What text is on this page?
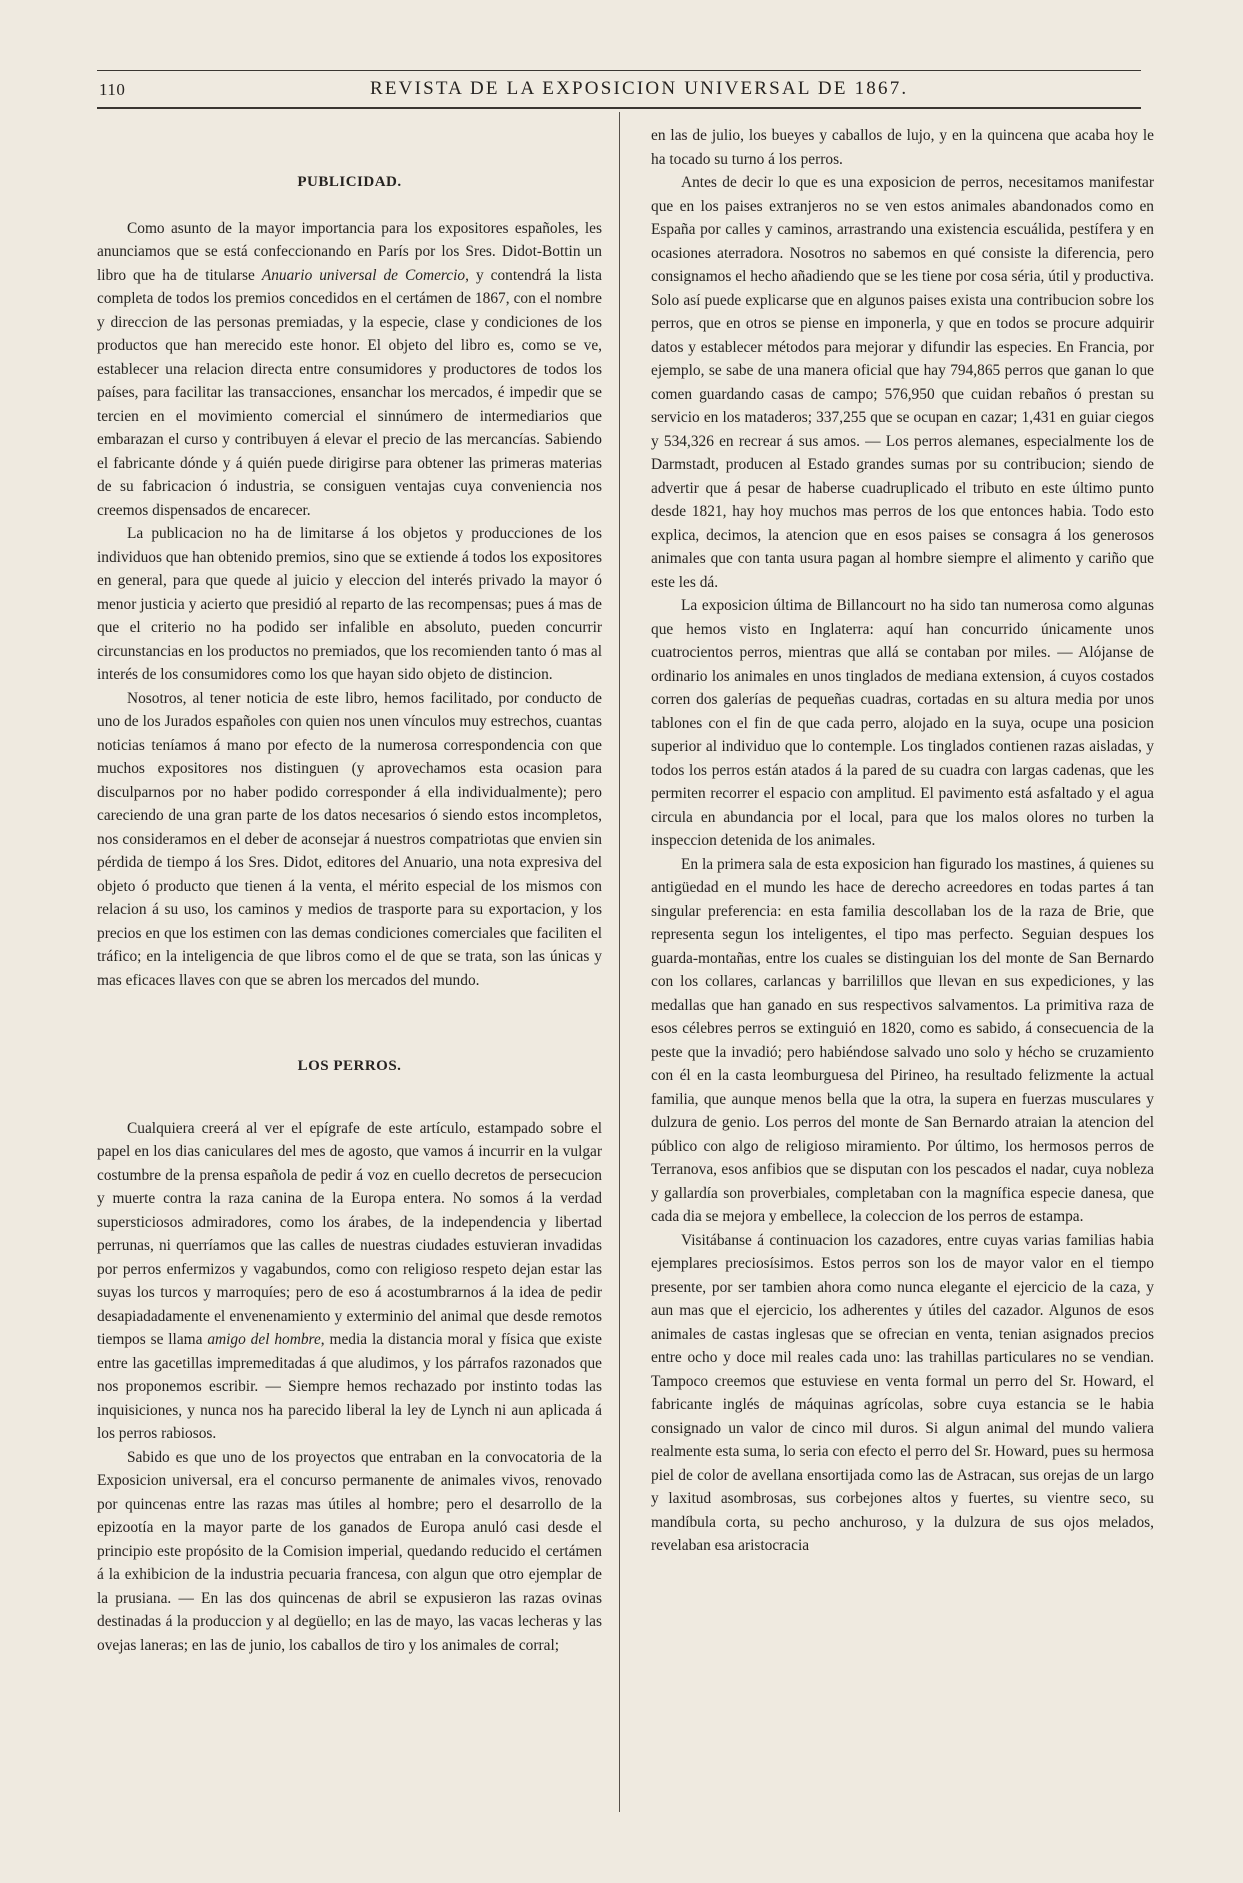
110	REVISTA DE LA EXPOSICION UNIVERSAL DE 1867.
PUBLICIDAD.

Como asunto de la mayor importancia para los expositores españoles, les anunciamos que se está confeccionando en París por los Sres. Didot-Bottin un libro que ha de titularse Anuario universal de Comercio, y contendrá la lista completa de todos los premios concedidos en el certámen de 1867, con el nombre y direccion de las personas premiadas, y la especie, clase y condiciones de los productos que han merecido este honor. El objeto del libro es, como se ve, establecer una relacion directa entre consumidores y productores de todos los países, para facilitar las transacciones, ensanchar los mercados, é impedir que se tercien en el movimiento comercial el sinnúmero de intermediarios que embarazan el curso y contribuyen á elevar el precio de las mercancías. Sabiendo el fabricante dónde y á quién puede dirigirse para obtener las primeras materias de su fabricacion ó industria, se consiguen ventajas cuya conveniencia nos creemos dispensados de encarecer.

La publicacion no ha de limitarse á los objetos y producciones de los individuos que han obtenido premios, sino que se extiende á todos los expositores en general, para que quede al juicio y eleccion del interés privado la mayor ó menor justicia y acierto que presidió al reparto de las recompensas; pues á mas de que el criterio no ha podido ser infalible en absoluto, pueden concurrir circunstancias en los productos no premiados, que los recomienden tanto ó mas al interés de los consumidores como los que hayan sido objeto de distincion.

Nosotros, al tener noticia de este libro, hemos facilitado, por conducto de uno de los Jurados españoles con quien nos unen vínculos muy estrechos, cuantas noticias teníamos á mano por efecto de la numerosa correspondencia con que muchos expositores nos distinguen (y aprovechamos esta ocasion para disculparnos por no haber podido corresponder á ella individualmente); pero careciendo de una gran parte de los datos necesarios ó siendo estos incompletos, nos consideramos en el deber de aconsejar á nuestros compatriotas que envien sin pérdida de tiempo á los Sres. Didot, editores del Anuario, una nota expresiva del objeto ó producto que tienen á la venta, el mérito especial de los mismos con relacion á su uso, los caminos y medios de trasporte para su exportacion, y los precios en que los estimen con las demas condiciones comerciales que faciliten el tráfico; en la inteligencia de que libros como el de que se trata, son las únicas y mas eficaces llaves con que se abren los mercados del mundo.

LOS PERROS.

Cualquiera creerá al ver el epígrafe de este artículo, estampado sobre el papel en los dias caniculares del mes de agosto, que vamos á incurrir en la vulgar costumbre de la prensa española de pedir á voz en cuello decretos de persecucion y muerte contra la raza canina de la Europa entera. No somos á la verdad supersticiosos admiradores, como los árabes, de la independencia y libertad perrunas, ni querríamos que las calles de nuestras ciudades estuvieran invadidas por perros enfermizos y vagabundos, como con religioso respeto dejan estar las suyas los turcos y marroquíes; pero de eso á acostumbrarnos á la idea de pedir desapiadadamente el envenenamiento y exterminio del animal que desde remotos tiempos se llama amigo del hombre, media la distancia moral y física que existe entre las gacetillas impremeditadas á que aludimos, y los párrafos razonados que nos proponemos escribir. — Siempre hemos rechazado por instinto todas las inquisiciones, y nunca nos ha parecido liberal la ley de Lynch ni aun aplicada á los perros rabiosos.

Sabido es que uno de los proyectos que entraban en la convocatoria de la Exposicion universal, era el concurso permanente de animales vivos, renovado por quincenas entre las razas mas útiles al hombre; pero el desarrollo de la epizootía en la mayor parte de los ganados de Europa anuló casi desde el principio este propósito de la Comision imperial, quedando reducido el certámen á la exhibicion de la industria pecuaria francesa, con algun que otro ejemplar de la prusiana. — En las dos quincenas de abril se expusieron las razas ovinas destinadas á la produccion y al degüello; en las de mayo, las vacas lecheras y las ovejas laneras; en las de junio, los caballos de tiro y los animales de corral;

en las de julio, los bueyes y caballos de lujo, y en la quincena que acaba hoy le ha tocado su turno á los perros.

Antes de decir lo que es una exposicion de perros, necesitamos manifestar que en los paises extranjeros no se ven estos animales abandonados como en España por calles y caminos, arrastrando una existencia escuálida, pestífera y en ocasiones aterradora. Nosotros no sabemos en qué consiste la diferencia, pero consignamos el hecho añadiendo que se les tiene por cosa séria, útil y productiva. Solo así puede explicarse que en algunos paises exista una contribucion sobre los perros, que en otros se piense en imponerla, y que en todos se procure adquirir datos y establecer métodos para mejorar y difundir las especies. En Francia, por ejemplo, se sabe de una manera oficial que hay 794,865 perros que ganan lo que comen guardando casas de campo; 576,950 que cuidan rebaños ó prestan su servicio en los mataderos; 337,255 que se ocupan en cazar; 1,431 en guiar ciegos y 534,326 en recrear á sus amos. — Los perros alemanes, especialmente los de Darmstadt, producen al Estado grandes sumas por su contribucion; siendo de advertir que á pesar de haberse cuadruplicado el tributo en este último punto desde 1821, hay hoy muchos mas perros de los que entonces habia. Todo esto explica, decimos, la atencion que en esos paises se consagra á los generosos animales que con tanta usura pagan al hombre siempre el alimento y cariño que este les dá.

La exposicion última de Billancourt no ha sido tan numerosa como algunas que hemos visto en Inglaterra: aquí han concurrido únicamente unos cuatrocientos perros, mientras que allá se contaban por miles. — Alójanse de ordinario los animales en unos tinglados de mediana extension, á cuyos costados corren dos galerías de pequeñas cuadras, cortadas en su altura media por unos tablones con el fin de que cada perro, alojado en la suya, ocupe una posicion superior al individuo que lo contemple. Los tinglados contienen razas aisladas, y todos los perros están atados á la pared de su cuadra con largas cadenas, que les permiten recorrer el espacio con amplitud. El pavimento está asfaltado y el agua circula en abundancia por el local, para que los malos olores no turben la inspeccion detenida de los animales.

En la primera sala de esta exposicion han figurado los mastines, á quienes su antigüedad en el mundo les hace de derecho acreedores en todas partes á tan singular preferencia: en esta familia descollaban los de la raza de Brie, que representa segun los inteligentes, el tipo mas perfecto. Seguian despues los guarda-montañas, entre los cuales se distinguian los del monte de San Bernardo con los collares, carlancas y barrilillos que llevan en sus expediciones, y las medallas que han ganado en sus respectivos salvamentos. La primitiva raza de esos célebres perros se extinguió en 1820, como es sabido, á consecuencia de la peste que la invadió; pero habiéndose salvado uno solo y hécho se cruzamiento con él en la casta leomburguesa del Pirineo, ha resultado felizmente la actual familia, que aunque menos bella que la otra, la supera en fuerzas musculares y dulzura de genio. Los perros del monte de San Bernardo atraian la atencion del público con algo de religioso miramiento. Por último, los hermosos perros de Terranova, esos anfibios que se disputan con los pescados el nadar, cuya nobleza y gallardía son proverbiales, completaban con la magnífica especie danesa, que cada dia se mejora y embellece, la coleccion de los perros de estampa.

Visitábanse á continuacion los cazadores, entre cuyas varias familias habia ejemplares preciosísimos. Estos perros son los de mayor valor en el tiempo presente, por ser tambien ahora como nunca elegante el ejercicio de la caza, y aun mas que el ejercicio, los adherentes y útiles del cazador. Algunos de esos animales de castas inglesas que se ofrecian en venta, tenian asignados precios entre ocho y doce mil reales cada uno: las trahillas particulares no se vendian. Tampoco creemos que estuviese en venta formal un perro del Sr. Howard, el fabricante inglés de máquinas agrícolas, sobre cuya estancia se le habia consignado un valor de cinco mil duros. Si algun animal del mundo valiera realmente esta suma, lo seria con efecto el perro del Sr. Howard, pues su hermosa piel de color de avellana ensortijada como las de Astracan, sus orejas de un largo y laxitud asombrosas, sus corbejones altos y fuertes, su vientre seco, su mandíbula corta, su pecho anchuroso, y la dulzura de sus ojos melados, revelaban esa aristocracia
